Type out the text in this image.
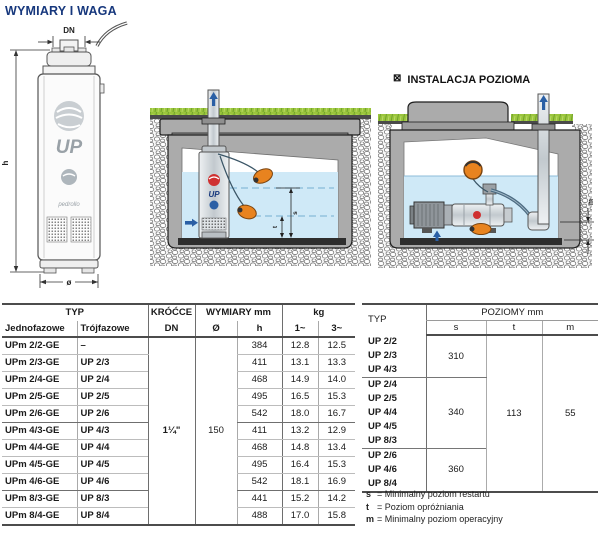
WYMIARY I WAGA
DN
h
UP
pedrollo
ø
UP
s
t
⊠ INSTALACJA POZIOMA
m
TYP		KRÓĆCE	WYMIARY mm		kg	
Jednofazowe	Trójfazowe	DN	Ø	h	1~	3~
UPm 2/2-GE	–	1¼"	150	384	12.8	12.5
UPm 2/3-GE	UP 2/3			411	13.1	13.3
UPm 2/4-GE	UP 2/4			468	14.9	14.0
UPm 2/5-GE	UP 2/5			495	16.5	15.3
UPm 2/6-GE	UP 2/6			542	18.0	16.7
UPm 4/3-GE	UP 4/3			411	13.2	12.9
UPm 4/4-GE	UP 4/4			468	14.8	13.4
UPm 4/5-GE	UP 4/5			495	16.4	15.3
UPm 4/6-GE	UP 4/6			542	18.1	16.9
UPm 8/3-GE	UP 8/3			441	15.2	14.2
UPm 8/4-GE	UP 8/4			488	17.0	15.8
TYP	POZIOMY mm		
	s	t	m
UP 2/2	310	113	55
UP 2/3			
UP 4/3			
UP 2/4	340		
UP 2/5			
UP 4/4			
UP 4/5			
UP 8/3			
UP 2/6	360		
UP 4/6			
UP 8/4			
s = Minimalny poziom restartu
t = Poziom opróżniania
m = Minimalny poziom operacyjny
